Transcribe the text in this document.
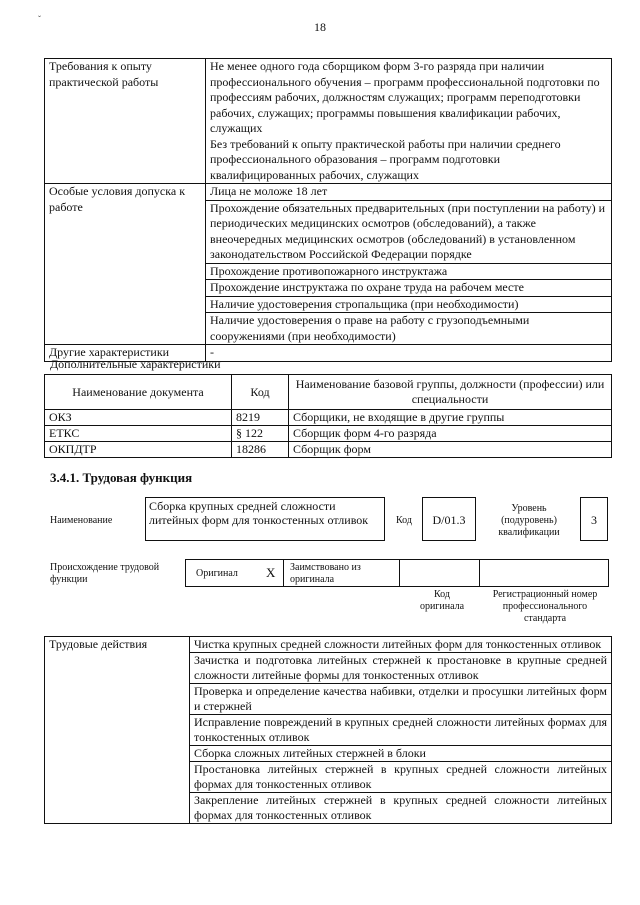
ˇ
18
Требования к опыту практической работы	Не менее одного года сборщиком форм 3-го разряда при наличии профессионального обучения – программ профессиональной подготовки по профессиям рабочих, должностям служащих; программ переподготовки рабочих, служащих; программы повышения квалификации рабочих, служащих
Без требований к опыту практической работы при наличии среднего профессионального образования – программ подготовки квалифицированных рабочих, служащих
Особые условия допуска к работе	Лица не моложе 18 лет
	Прохождение обязательных предварительных (при поступлении на работу) и периодических медицинских осмотров (обследований), а также внеочередных медицинских осмотров (обследований) в установленном законодательством Российской Федерации порядке
	Прохождение противопожарного инструктажа
	Прохождение инструктажа по охране труда на рабочем месте
	Наличие удостоверения стропальщика (при необходимости)
	Наличие удостоверения о праве на работу с грузоподъемными сооружениями (при необходимости)
Другие характеристики	-
Дополнительные характеристики
Наименование документа	Код	Наименование базовой группы, должности (профессии) или специальности
ОКЗ	8219	Сборщики, не входящие в другие группы
ЕТКС	§ 122	Сборщик форм 4-го разряда
ОКПДТР	18286	Сборщик форм
3.4.1. Трудовая функция
Наименование
Сборка крупных средней сложности литейных форм для тонкостенных отливок	Код	D/01.3
Уровень (подуровень) квалификации
3
Происхождение трудовой функции
Оригинал X Заимствовано из оригинала
Код оригинала
Регистрационный номер профессионального стандарта
Трудовые действия	Чистка крупных средней сложности литейных форм для тонкостенных отливок
Зачистка и подготовка литейных стержней к простановке в крупные средней сложности литейные формы для тонкостенных отливок
Проверка и определение качества набивки, отделки и просушки литейных форм и стержней
Исправление повреждений в крупных средней сложности литейных формах для тонкостенных отливок
Сборка сложных литейных стержней в блоки
Простановка литейных стержней в крупных средней сложности литейных формах для тонкостенных отливок
Закрепление литейных стержней в крупных средней сложности литейных формах для тонкостенных отливок
